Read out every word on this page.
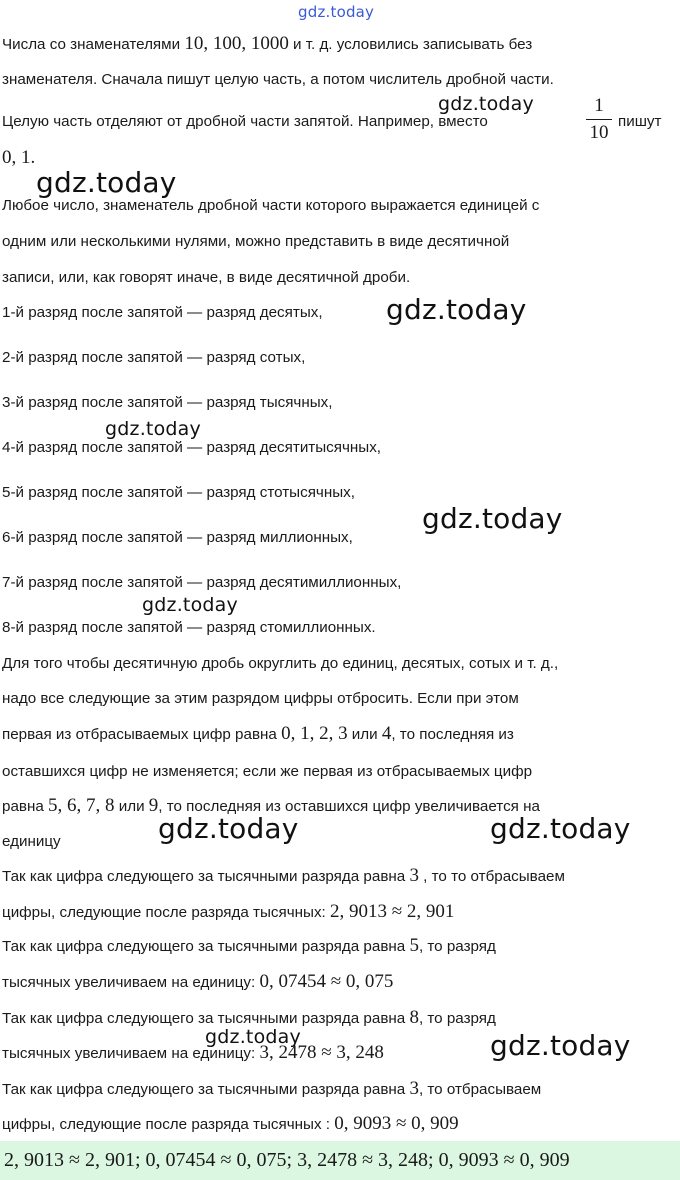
gdz.today
gdz.today
gdz.today
gdz.today
gdz.today
gdz.today
gdz.today
gdz.today	gdz.today
gdz.today	gdz.today
Числа со знаменателями 10, 100, 1000 и т. д. условились записывать без
знаменателя. Сначала пишут целую часть, а потом числитель дробной части.
Целую часть отделяют от дробной части запятой. Например, вместо	пишут
1
10
0, 1.
Любое число, знаменатель дробной части которого выражается единицей с
одним или несколькими нулями, можно представить в виде десятичной
записи, или, как говорят иначе, в виде десятичной дроби.
1-й разряд после запятой — разряд десятых,
2-й разряд после запятой — разряд сотых,
3-й разряд после запятой — разряд тысячных,
4-й разряд после запятой — разряд десятитысячных,
5-й разряд после запятой — разряд стотысячных,
6-й разряд после запятой — разряд миллионных,
7-й разряд после запятой — разряд десятимиллионных,
8-й разряд после запятой — разряд стомиллионных.
Для того чтобы десятичную дробь округлить до единиц, десятых, сотых и т. д.,
надо все следующие за этим разрядом цифры отбросить. Если при этом
первая из отбрасываемых цифр равна 0, 1, 2, 3 или 4, то последняя из
оставшихся цифр не изменяется; если же первая из отбрасываемых цифр
равна 5, 6, 7, 8 или 9, то последняя из оставшихся цифр увеличивается на
единицу
Так как цифра следующего за тысячными разряда равна 3 , то то отбрасываем
цифры, следующие после разряда тысячных: 2, 9013 ≈ 2, 901
Так как цифра следующего за тысячными разряда равна 5, то разряд
тысячных увеличиваем на единицу: 0, 07454 ≈ 0, 075
Так как цифра следующего за тысячными разряда равна 8, то разряд
тысячных увеличиваем на единицу: 3, 2478 ≈ 3, 248
Так как цифра следующего за тысячными разряда равна 3, то отбрасываем
цифры, следующие после разряда тысячных : 0, 9093 ≈ 0, 909
2, 9013 ≈ 2, 901; 0, 07454 ≈ 0, 075; 3, 2478 ≈ 3, 248; 0, 9093 ≈ 0, 909
